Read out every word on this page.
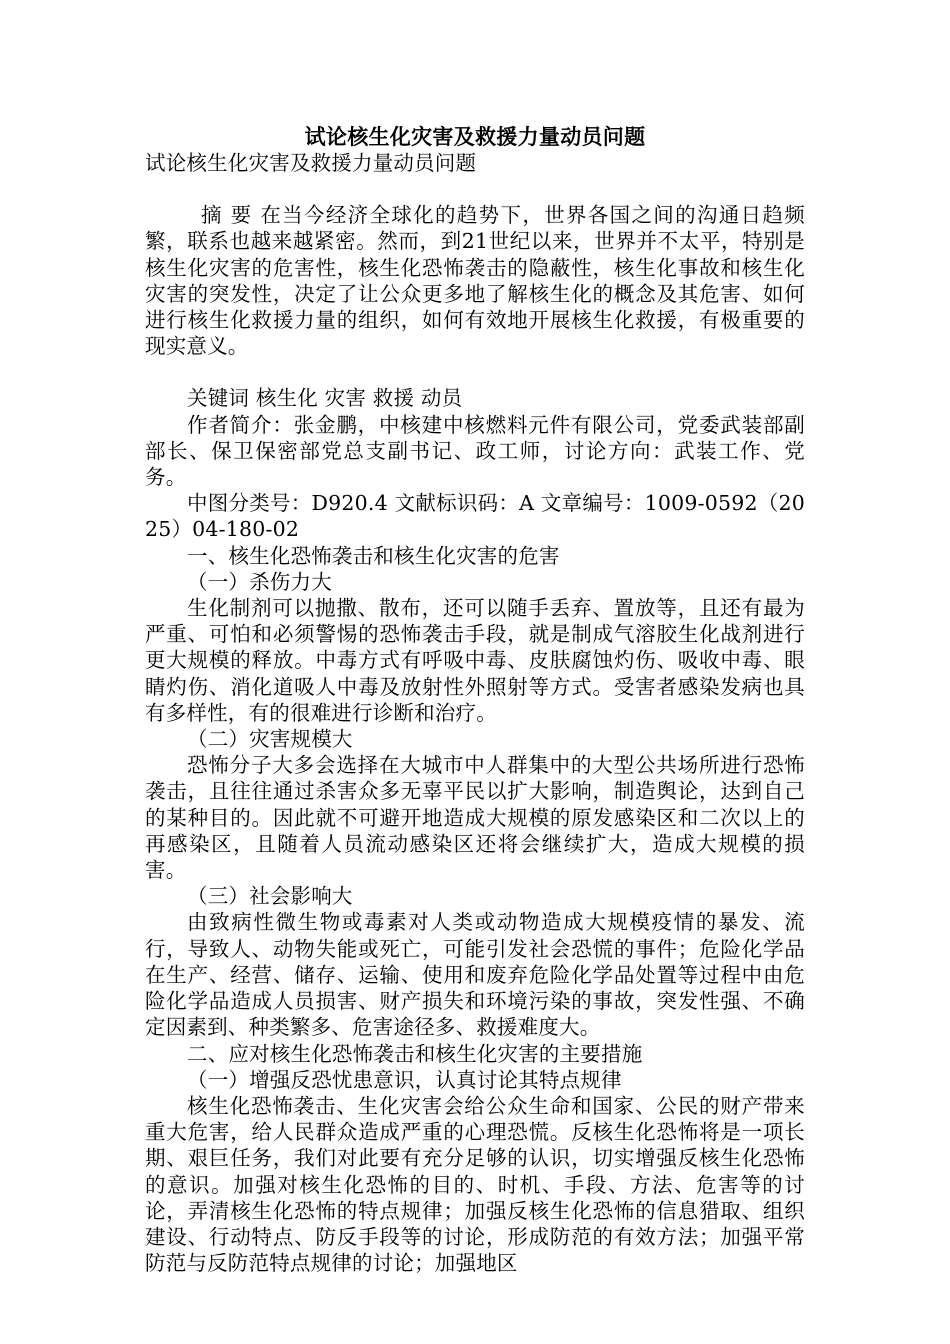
试论核生化灾害及救援力量动员问题

试论核生化灾害及救援力量动员问题

摘 要 在当今经济全球化的趋势下，世界各国之间的沟通日趋频繁，联系也越来越紧密。然而，到21世纪以来，世界并不太平，特别是核生化灾害的危害性，核生化恐怖袭击的隐蔽性，核生化事故和核生化灾害的突发性，决定了让公众更多地了解核生化的概念及其危害、如何进行核生化救援力量的组织，如何有效地开展核生化救援，有极重要的现实意义。

关键词 核生化 灾害 救援 动员

作者简介：张金鹏，中核建中核燃料元件有限公司，党委武装部副部长、保卫保密部党总支副书记、政工师，讨论方向：武装工作、党务。

中图分类号：D920.4 文献标识码：A 文章编号：1009-0592（2025）04-180-02

一、核生化恐怖袭击和核生化灾害的危害

（一）杀伤力大

生化制剂可以抛撒、散布，还可以随手丢弃、置放等，且还有最为严重、可怕和必须警惕的恐怖袭击手段，就是制成气溶胶生化战剂进行更大规模的释放。中毒方式有呼吸中毒、皮肤腐蚀灼伤、吸收中毒、眼睛灼伤、消化道吸人中毒及放射性外照射等方式。受害者感染发病也具有多样性，有的很难进行诊断和治疗。

（二）灾害规模大

恐怖分子大多会选择在大城市中人群集中的大型公共场所进行恐怖袭击，且往往通过杀害众多无辜平民以扩大影响，制造舆论，达到自己的某种目的。因此就不可避开地造成大规模的原发感染区和二次以上的再感染区，且随着人员流动感染区还将会继续扩大，造成大规模的损害。

（三）社会影响大

由致病性微生物或毒素对人类或动物造成大规模疫情的暴发、流行，导致人、动物失能或死亡，可能引发社会恐慌的事件；危险化学品在生产、经营、储存、运输、使用和废弃危险化学品处置等过程中由危险化学品造成人员损害、财产损失和环境污染的事故，突发性强、不确定因素到、种类繁多、危害途径多、救援难度大。

二、应对核生化恐怖袭击和核生化灾害的主要措施

（一）增强反恐忧患意识，认真讨论其特点规律

核生化恐怖袭击、生化灾害会给公众生命和国家、公民的财产带来重大危害，给人民群众造成严重的心理恐慌。反核生化恐怖将是一项长期、艰巨任务，我们对此要有充分足够的认识，切实增强反核生化恐怖的意识。加强对核生化恐怖的目的、时机、手段、方法、危害等的讨论，弄清核生化恐怖的特点规律；加强反核生化恐怖的信息猎取、组织建设、行动特点、防反手段等的讨论，形成防范的有效方法；加强平常防范与反防范特点规律的讨论；加强地区
